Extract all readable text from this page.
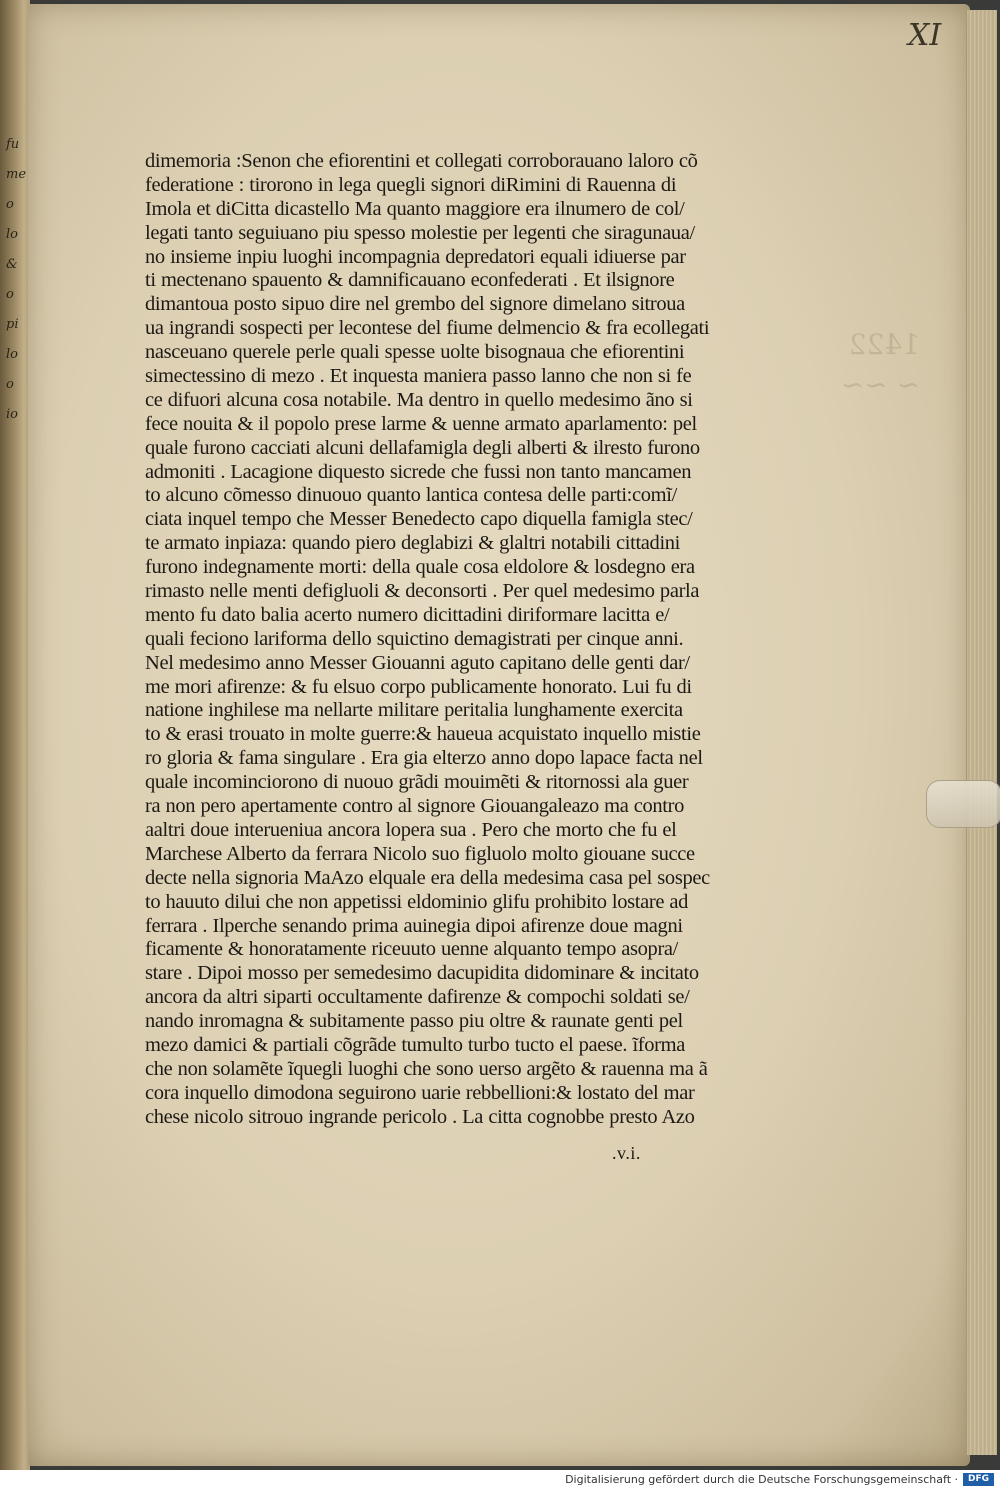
fu
me
o
lo
&
o
pi
lo
o
io
1422
~ ~~
XI
dimemoria :Senon che efiorentini et collegati corroborauano laloro cõ
federatione : tirorono in lega quegli signori diRimini di Rauenna di
Imola et diCitta dicastello Ma quanto maggiore era ilnumero de col/
legati tanto seguiuano piu spesso molestie per legenti che siragunaua/
no insieme inpiu luoghi incompagnia depredatori equali idiuerse par
ti mectenano spauento & damnificauano econfederati . Et ilsignore
dimantoua posto sipuo dire nel grembo del signore dimelano sitroua
ua ingrandi sospecti per lecontese del fiume delmencio & fra ecollegati
nasceuano querele perle quali spesse uolte bisognaua che efiorentini
simectessino di mezo . Et inquesta maniera passo lanno che non si fe
ce difuori alcuna cosa notabile. Ma dentro in quello medesimo ãno si
fece nouita & il popolo prese larme & uenne armato aparlamento: pel
quale furono cacciati alcuni dellafamigla degli alberti & ilresto furono
admoniti . Lacagione diquesto sicrede che fussi non tanto mancamen
to alcuno cõmesso dinuouo quanto lantica contesa delle parti:comĩ/
ciata inquel tempo che Messer Benedecto capo diquella famigla stec/
te armato inpiaza: quando piero deglabizi & glaltri notabili cittadini
furono indegnamente morti: della quale cosa eldolore & losdegno era
rimasto nelle menti defigluoli & deconsorti . Per quel medesimo parla
mento fu dato balia acerto numero dicittadini diriformare lacitta e/
quali feciono lariforma dello squictino demagistrati per cinque anni.
Nel medesimo anno Messer Giouanni aguto capitano delle genti dar/
me mori afirenze: & fu elsuo corpo publicamente honorato. Lui fu di
natione inghilese ma nellarte militare peritalia lunghamente exercita
to & erasi trouato in molte guerre:& haueua acquistato inquello mistie
ro gloria & fama singulare . Era gia elterzo anno dopo lapace facta nel
quale incominciorono di nuouo grãdi mouimẽti & ritornossi ala guer
ra non pero apertamente contro al signore Giouangaleazo ma contro
aaltri doue interueniua ancora lopera sua . Pero che morto che fu el
Marchese Alberto da ferrara Nicolo suo figluolo molto giouane succe
decte nella signoria MaAzo elquale era della medesima casa pel sospec
to hauuto dilui che non appetissi eldominio glifu prohibito lostare ad
ferrara . Ilperche senando prima auinegia dipoi afirenze doue magni
ficamente & honoratamente riceuuto uenne alquanto tempo asopra/
stare . Dipoi mosso per semedesimo dacupidita didominare & incitato
ancora da altri siparti occultamente dafirenze & compochi soldati se/
nando inromagna & subitamente passo piu oltre & raunate genti pel
mezo damici & partiali cõgrãde tumulto turbo tucto el paese. ĩforma
che non solamẽte ĩquegli luoghi che sono uerso argẽto & rauenna ma ã
cora inquello dimodona seguirono uarie rebbellioni:& lostato del mar
chese nicolo sitrouo ingrande pericolo . La citta cognobbe presto Azo
.v.i.
Digitalisierung gefördert durch die Deutsche Forschungsgemeinschaft ·	DFG
